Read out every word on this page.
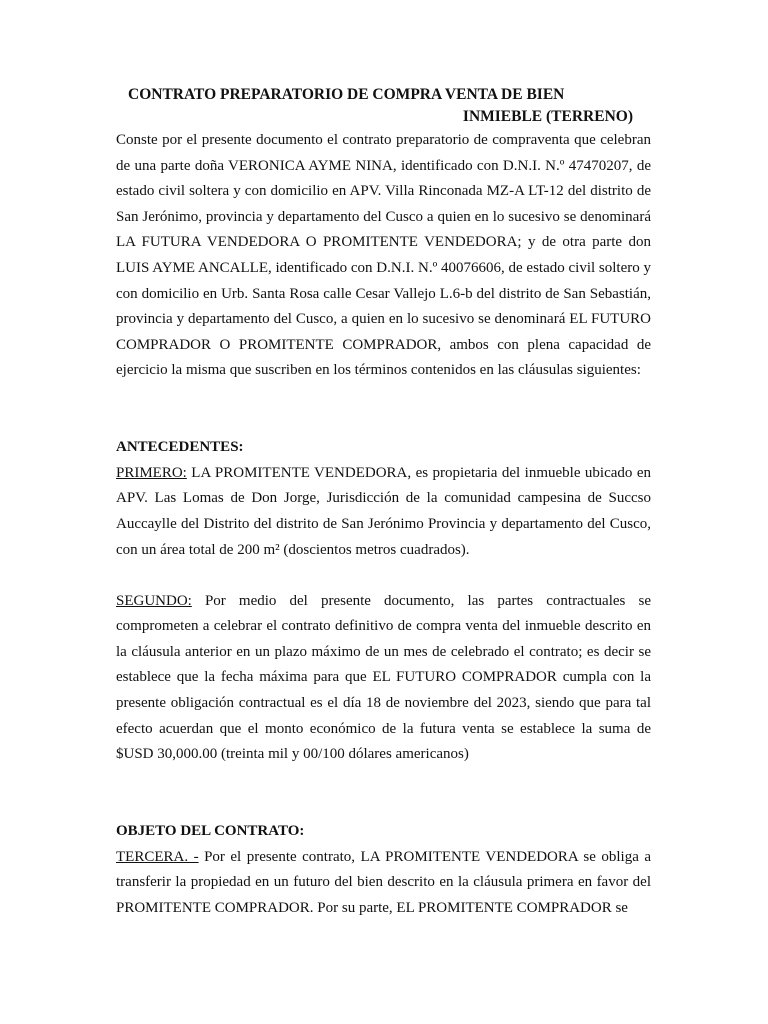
CONTRATO PREPARATORIO DE COMPRA VENTA DE BIEN
INMIEBLE (TERRENO)

Conste por el presente documento el contrato preparatorio de compraventa que celebran de una parte doña VERONICA AYME NINA, identificado con D.N.I. N.º 47470207, de estado civil soltera y con domicilio en APV. Villa Rinconada MZ-A LT-12 del distrito de San Jerónimo, provincia y departamento del Cusco a quien en lo sucesivo se denominará LA FUTURA VENDEDORA O PROMITENTE VENDEDORA; y de otra parte don LUIS AYME ANCALLE, identificado con D.N.I. N.º 40076606, de estado civil soltero y con domicilio en Urb. Santa Rosa calle Cesar Vallejo L.6-b del distrito de San Sebastián, provincia y departamento del Cusco, a quien en lo sucesivo se denominará EL FUTURO COMPRADOR O PROMITENTE COMPRADOR, ambos con plena capacidad de ejercicio la misma que suscriben en los términos contenidos en las cláusulas siguientes:

ANTECEDENTES:

PRIMERO: LA PROMITENTE VENDEDORA, es propietaria del inmueble ubicado en APV. Las Lomas de Don Jorge, Jurisdicción de la comunidad campesina de Succso Auccaylle del Distrito del distrito de San Jerónimo Provincia y departamento del Cusco, con un área total de 200 m² (doscientos metros cuadrados).

SEGUNDO: Por medio del presente documento, las partes contractuales se comprometen a celebrar el contrato definitivo de compra venta del inmueble descrito en la cláusula anterior en un plazo máximo de un mes de celebrado el contrato; es decir se establece que la fecha máxima para que EL FUTURO COMPRADOR cumpla con la presente obligación contractual es el día 18 de noviembre del 2023, siendo que para tal efecto acuerdan que el monto económico de la futura venta se establece la suma de $USD 30,000.00 (treinta mil y 00/100 dólares americanos)

OBJETO DEL CONTRATO:

TERCERA. - Por el presente contrato, LA PROMITENTE VENDEDORA se obliga a transferir la propiedad en un futuro del bien descrito en la cláusula primera en favor del PROMITENTE COMPRADOR. Por su parte, EL PROMITENTE COMPRADOR se
